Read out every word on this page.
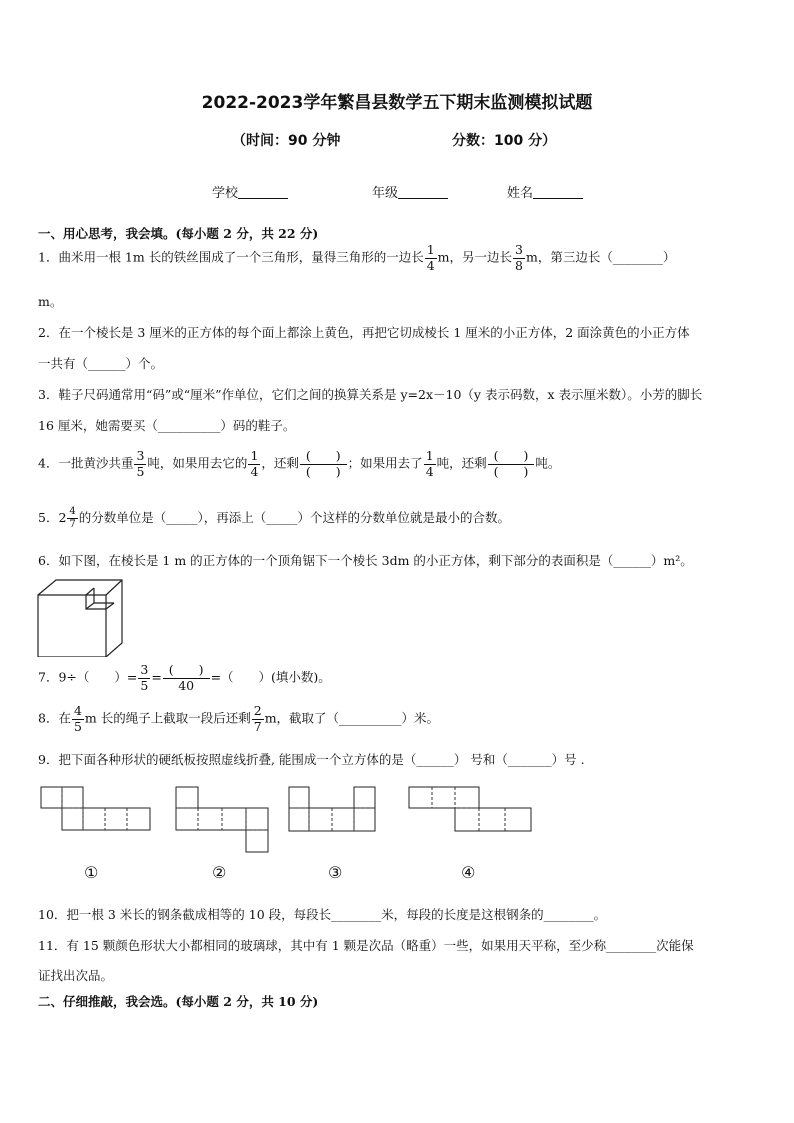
2022-2023学年繁昌县数学五下期末监测模拟试题
（时间：90 分钟	分数：100 分）
学校	年级	姓名
一、用心思考，我会填。(每小题 2 分，共 22 分)
1．曲米用一根 1m 长的铁丝围成了一个三角形，量得三角形的一边长 $\frac{1}{4}$ m，另一边长 $\frac{3}{8}$ m，第三边长（________）
m。
2．在一个棱长是 3 厘米的正方体的每个面上都涂上黄色，再把它切成棱长 1 厘米的小正方体，2 面涂黄色的小正方体
一共有（______）个。
3．鞋子尺码通常用“码”或“厘米”作单位，它们之间的换算关系是 y=2x－10（y 表示码数，x 表示厘米数）。小芳的脚长
16 厘米，她需要买（__________）码的鞋子。
4．一批黄沙共重 $\frac{3}{5}$ 吨，如果用去它的 $\frac{1}{4}$ ，还剩 $\frac{( )}{( )}$ ；如果用去了 $\frac{1}{4}$ 吨，还剩 $\frac{( )}{( )}$ 吨。
5．$2 \frac{4}{7}$ 的分数单位是（_____），再添上（_____）个这样的分数单位就是最小的合数。
6．如下图，在棱长是 1 m 的正方体的一个顶角锯下一个棱长 3dm 的小正方体，剩下部分的表面积是（______）m²。
7．9÷（　　）= $\frac{3}{5} = \frac{( )}{40}$ =（　　）(填小数)。
8．在 $\frac{4}{5}$ m 长的绳子上截取一段后还剩 $\frac{2}{7}$ m，截取了（__________）米。
9．把下面各种形状的硬纸板按照虚线折叠, 能围成一个立方体的是（______） 号和（_______）号 .
①	②	③	④
10．把一根 3 米长的钢条截成相等的 10 段，每段长________米，每段的长度是这根钢条的________。
11．有 15 颗颜色形状大小都相同的玻璃球，其中有 1 颗是次品（略重）一些，如果用天平称，至少称________次能保
证找出次品。
二、仔细推敲，我会选。(每小题 2 分，共 10 分)
